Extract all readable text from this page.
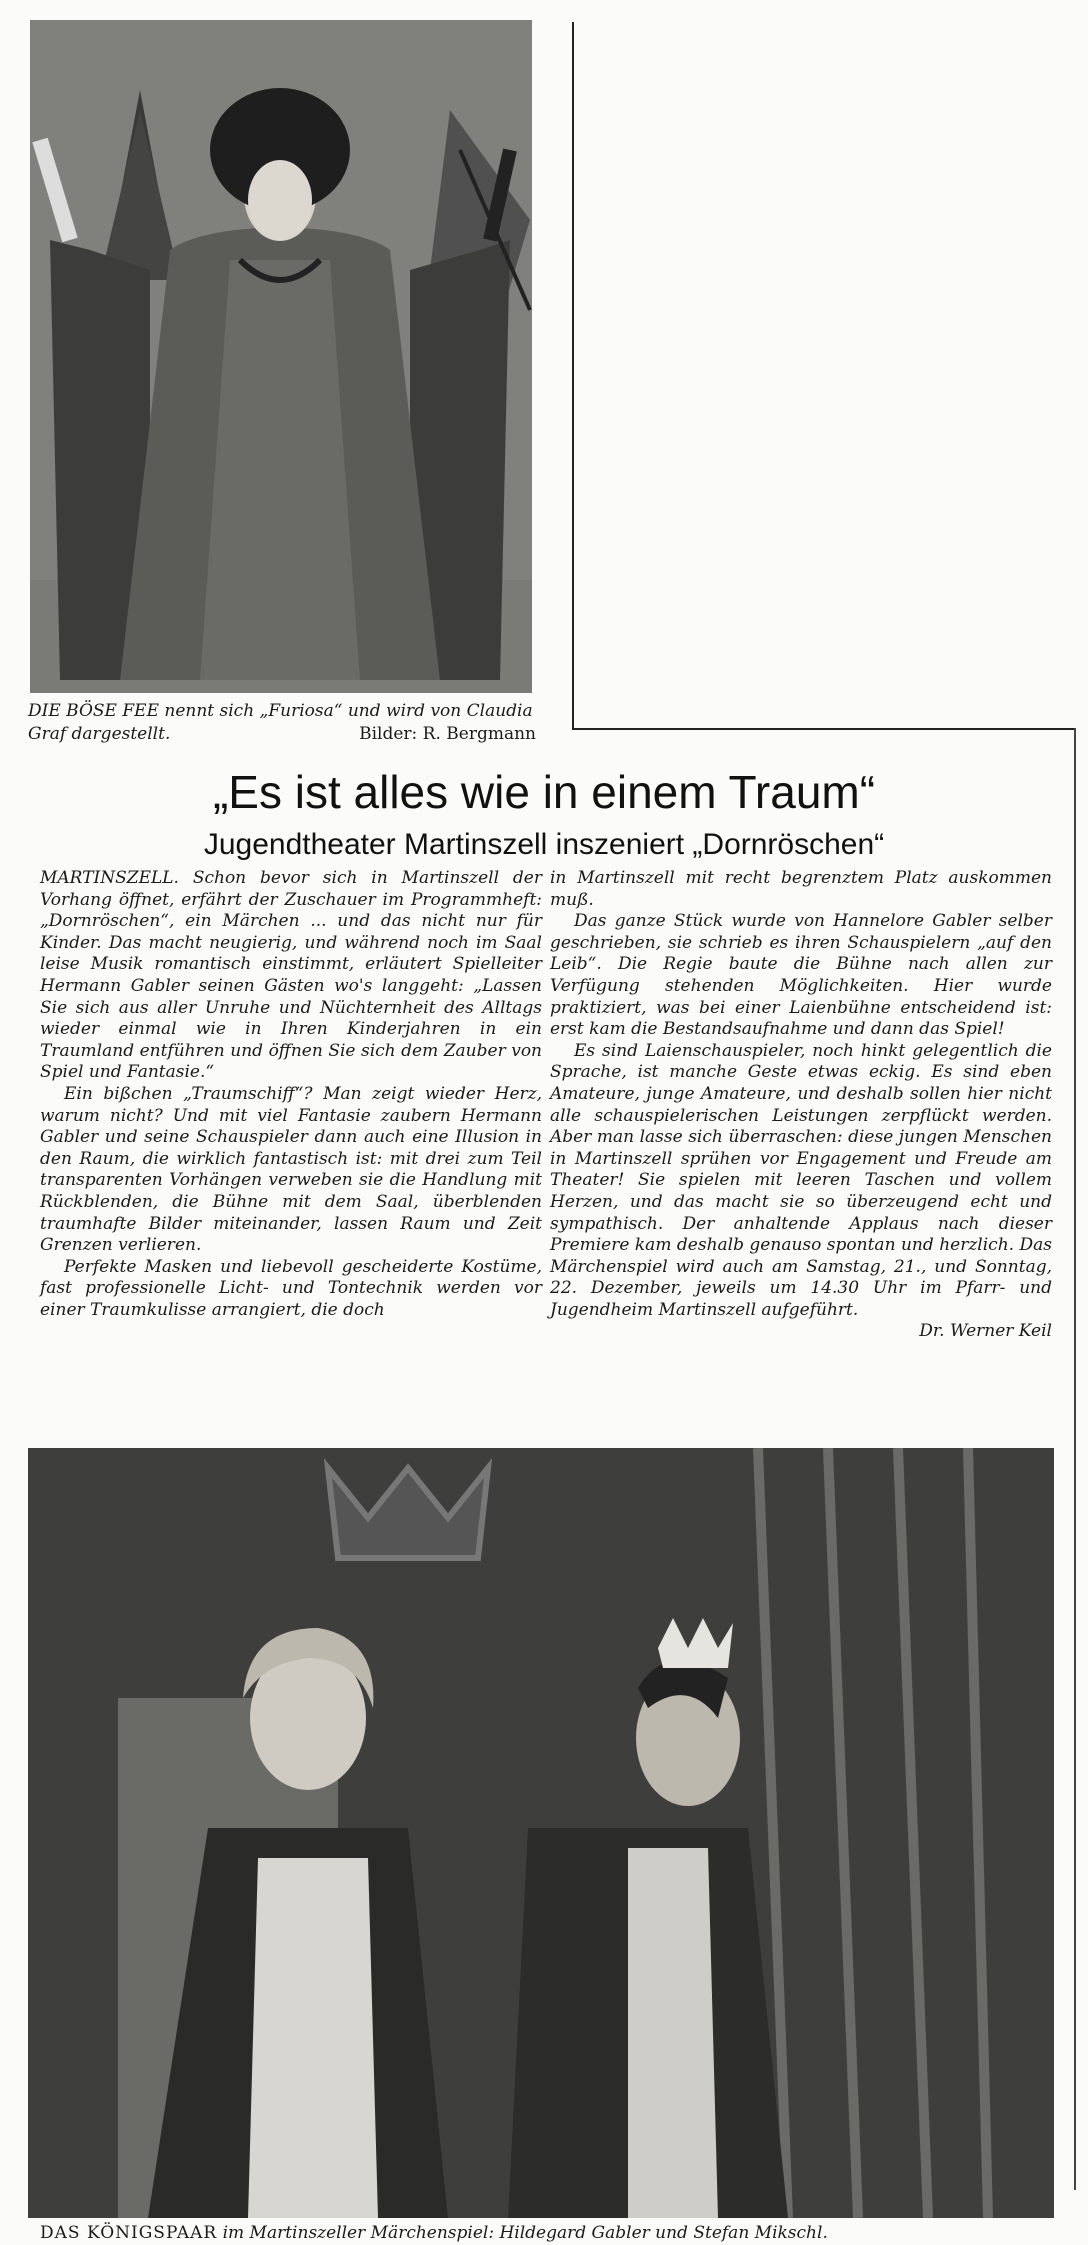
DIE BÖSE FEE nennt sich „Furiosa“ und wird von Claudia Graf dargestellt.	Bilder: R. Bergmann
„Es ist alles wie in einem Traum“
Jugendtheater Martinszell inszeniert „Dornröschen“

MARTINSZELL. Schon bevor sich in Martinszell der Vorhang öffnet, erfährt der Zuschauer im Programmheft: „Dornröschen“, ein Märchen ... und das nicht nur für Kinder. Das macht neugierig, und während noch im Saal leise Musik romantisch einstimmt, erläutert Spielleiter Hermann Gabler seinen Gästen wo's langgeht: „Lassen Sie sich aus aller Unruhe und Nüchternheit des Alltags wieder einmal wie in Ihren Kinderjahren in ein Traumland entführen und öffnen Sie sich dem Zauber von Spiel und Fantasie.“

Ein bißchen „Traumschiff“? Man zeigt wieder Herz, warum nicht? Und mit viel Fantasie zaubern Hermann Gabler und seine Schauspieler dann auch eine Illusion in den Raum, die wirklich fantastisch ist: mit drei zum Teil transparenten Vorhängen verweben sie die Handlung mit Rückblenden, die Bühne mit dem Saal, überblenden traumhafte Bilder miteinander, lassen Raum und Zeit Grenzen verlieren.

Perfekte Masken und liebevoll gescheiderte Kostüme, fast professionelle Licht- und Tontechnik werden vor einer Traumkulisse arrangiert, die doch

in Martinszell mit recht begrenztem Platz auskommen muß.

Das ganze Stück wurde von Hannelore Gabler selber geschrieben, sie schrieb es ihren Schauspielern „auf den Leib“. Die Regie baute die Bühne nach allen zur Verfügung stehenden Möglichkeiten. Hier wurde praktiziert, was bei einer Laienbühne entscheidend ist: erst kam die Bestandsaufnahme und dann das Spiel!

Es sind Laienschauspieler, noch hinkt gelegentlich die Sprache, ist manche Geste etwas eckig. Es sind eben Amateure, junge Amateure, und deshalb sollen hier nicht alle schauspielerischen Leistungen zerpflückt werden. Aber man lasse sich überraschen: diese jungen Menschen in Martinszell sprühen vor Engagement und Freude am Theater! Sie spielen mit leeren Taschen und vollem Herzen, und das macht sie so überzeugend echt und sympathisch. Der anhaltende Applaus nach dieser Premiere kam deshalb genauso spontan und herzlich. Das Märchenspiel wird auch am Samstag, 21., und Sonntag, 22. Dezember, jeweils um 14.30 Uhr im Pfarr- und Jugendheim Martinszell aufgeführt.

Dr. Werner Keil

DAS KÖNIGSPAAR im Martinszeller Märchenspiel: Hildegard Gabler und Stefan Mikschl.
